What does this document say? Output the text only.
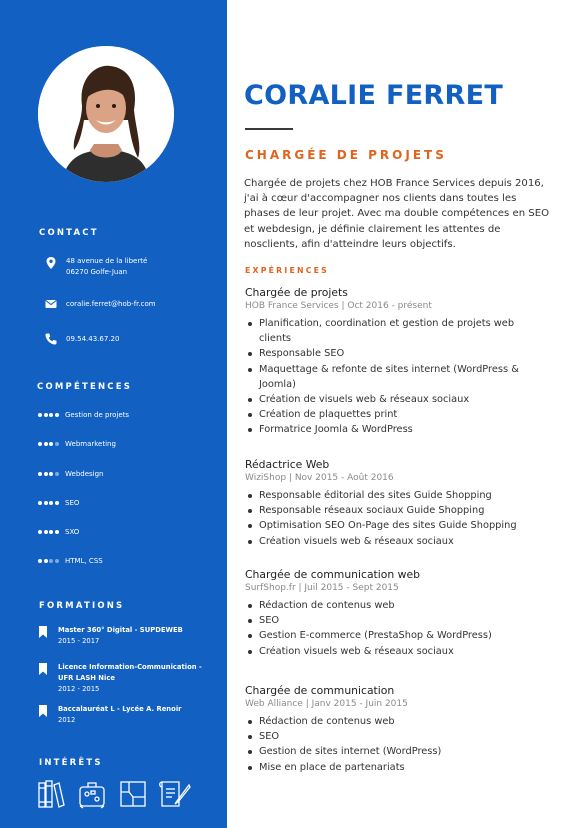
CONTACT
48 avenue de la liberté
06270 Golfe-Juan
coralie.ferret@hob-fr.com
09.54.43.67.20
COMPÉTENCES
Gestion de projets
Webmarketing
Webdesign
SEO
SXO
HTML, CSS
FORMATIONS
Master 360° Digital - SUPDEWEB
2015 - 2017
Licence Information-Communication -
UFR LASH Nice
2012 - 2015
Baccalauréat L - Lycée A. Renoir
2012
INTÉRÊTS
CORALIE FERRET
CHARGÉE DE PROJETS
Chargée de projets chez HOB France Services depuis 2016, j'ai à cœur d'accompagner nos clients dans toutes les phases de leur projet. Avec ma double compétences en SEO et webdesign, je définie clairement les attentes de nosclients, afin d'atteindre leurs objectifs.
EXPÉRIENCES
Chargée de projets
HOB France Services | Oct 2016 - présent
Planification, coordination et gestion de projets web
clients
Responsable SEO
Maquettage & refonte de sites internet (WordPress &
Joomla)
Création de visuels web & réseaux sociaux
Création de plaquettes print
Formatrice Joomla & WordPress
Rédactrice Web
WiziShop | Nov 2015 - Août 2016
Responsable éditorial des sites Guide Shopping
Responsable réseaux sociaux Guide Shopping
Optimisation SEO On-Page des sites Guide Shopping
Création visuels web & réseaux sociaux
Chargée de communication web
SurfShop.fr | Juil 2015 - Sept 2015
Rédaction de contenus web
SEO
Gestion E-commerce (PrestaShop & WordPress)
Création visuels web & réseaux sociaux
Chargée de communication
Web Alliance | Janv 2015 - Juin 2015
Rédaction de contenus web
SEO
Gestion de sites internet (WordPress)
Mise en place de partenariats
